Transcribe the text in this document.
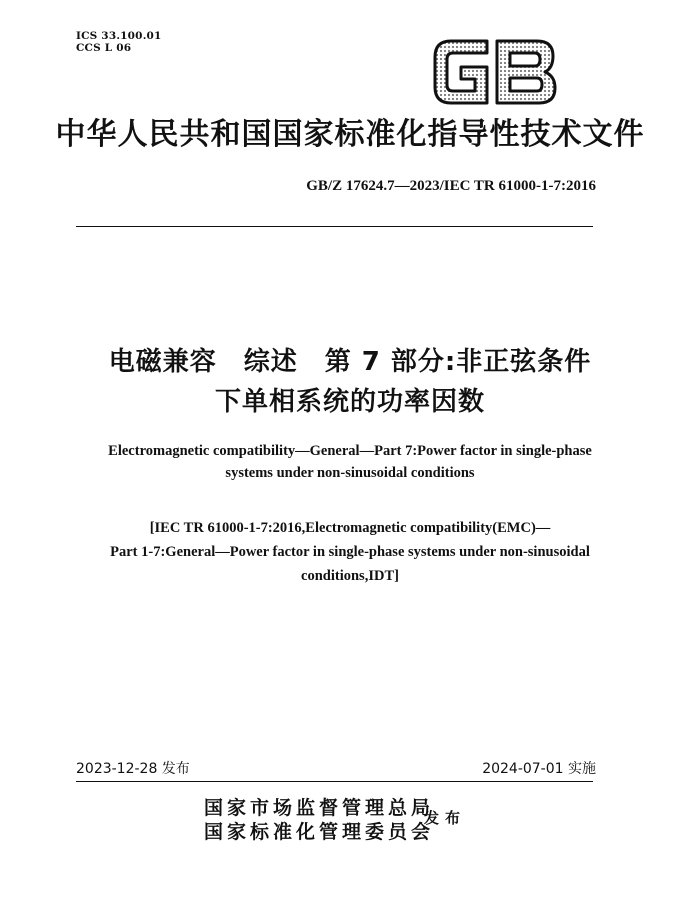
ICS 33.100.01
CCS L 06
中华人民共和国国家标准化指导性技术文件
GB/Z 17624.7—2023/IEC TR 61000-1-7:2016
电磁兼容　综述　第 7 部分:非正弦条件
下单相系统的功率因数
Electromagnetic compatibility—General—Part 7:Power factor in single-phase
systems under non-sinusoidal conditions
[IEC TR 61000-1-7:2016,Electromagnetic compatibility(EMC)—
Part 1-7:General—Power factor in single-phase systems under non-sinusoidal
conditions,IDT]
2023-12-28 发布	2024-07-01 实施
国家市场监督管理总局
国家标准化管理委员会
发布
